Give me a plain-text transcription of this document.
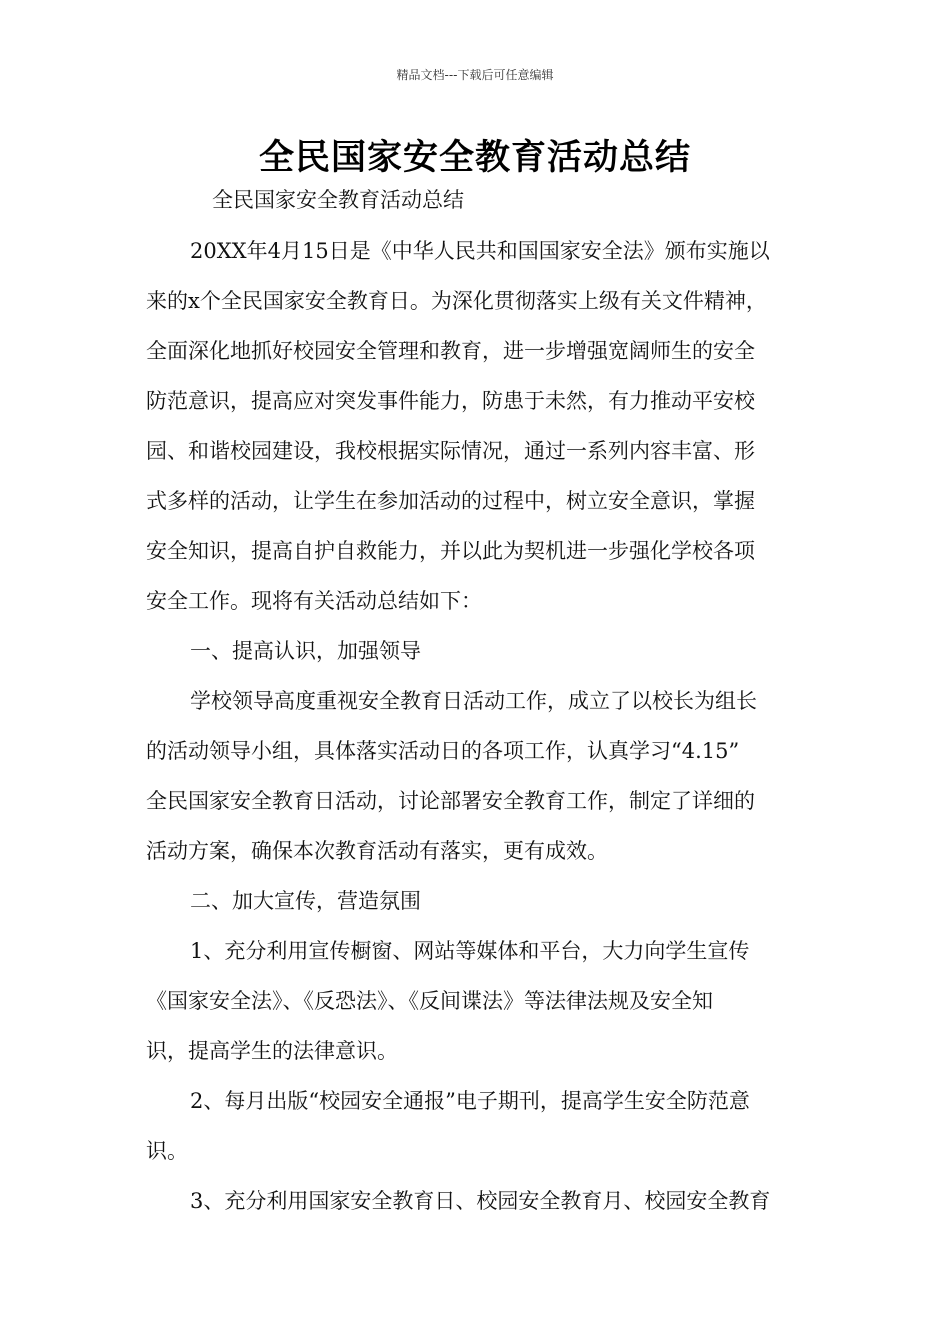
精品文档---下载后可任意编辑
全民国家安全教育活动总结
全民国家安全教育活动总结
20XX年4月15日是《中华人民共和国国家安全法》颁布实施以
来的x个全民国家安全教育日。为深化贯彻落实上级有关文件精神，
全面深化地抓好校园安全管理和教育，进一步增强宽阔师生的安全
防范意识，提高应对突发事件能力，防患于未然，有力推动平安校
园、和谐校园建设，我校根据实际情况，通过一系列内容丰富、形
式多样的活动，让学生在参加活动的过程中，树立安全意识，掌握
安全知识，提高自护自救能力，并以此为契机进一步强化学校各项
安全工作。现将有关活动总结如下：
一、提高认识，加强领导
学校领导高度重视安全教育日活动工作，成立了以校长为组长
的活动领导小组，具体落实活动日的各项工作，认真学习“4.15”
全民国家安全教育日活动，讨论部署安全教育工作，制定了详细的
活动方案，确保本次教育活动有落实，更有成效。
二、加大宣传，营造氛围
1、充分利用宣传橱窗、网站等媒体和平台，大力向学生宣传
《国家安全法》、《反恐法》、《反间谍法》等法律法规及安全知
识，提高学生的法律意识。
2、每月出版“校园安全通报”电子期刊，提高学生安全防范意
识。
3、充分利用国家安全教育日、校园安全教育月、校园安全教育
